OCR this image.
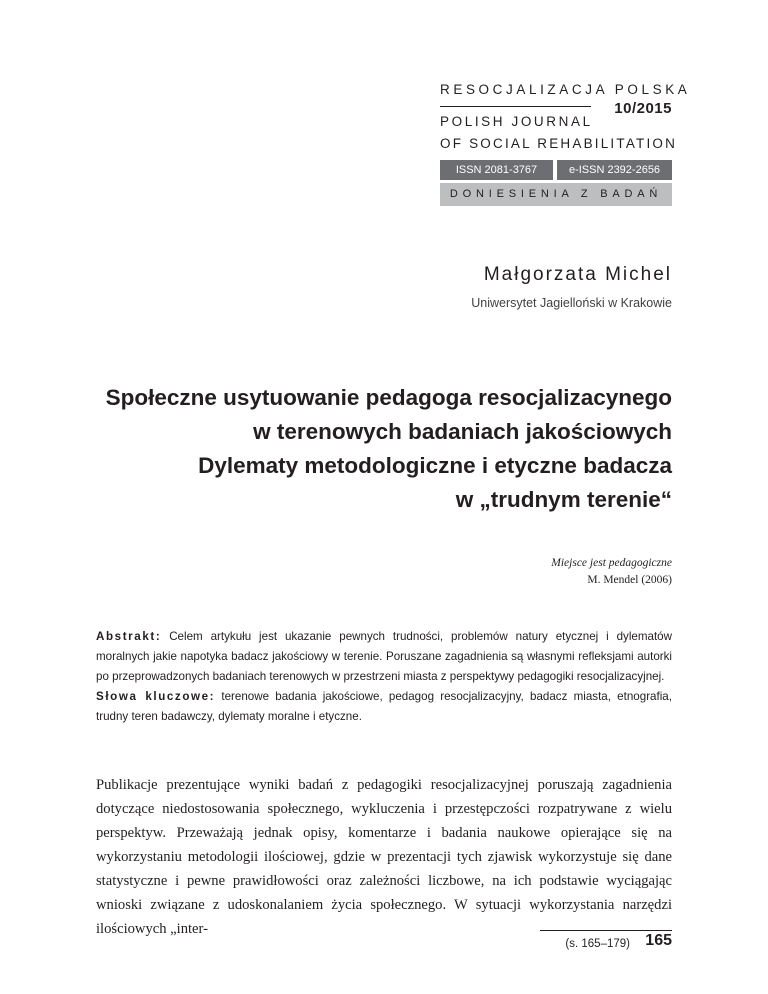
RESOCJALIZACJA POLSKA
10/2015
POLISH JOURNAL
OF SOCIAL REHABILITATION
ISSN 2081-3767	e-ISSN 2392-2656
DONIESIENIA Z BADAŃ
Małgorzata Michel
Uniwersytet Jagielloński w Krakowie
Społeczne usytuowanie pedagoga resocjalizacynego
w terenowych badaniach jakościowych
Dylematy metodologiczne i etyczne badacza
w „trudnym terenie“
Miejsce jest pedagogiczne
M. Mendel (2006)
Abstrakt: Celem artykułu jest ukazanie pewnych trudności, problemów natury etycznej i dylematów moralnych jakie napotyka badacz jakościowy w terenie. Poruszane zagadnienia są własnymi refleksjami autorki po przeprowadzonych badaniach terenowych w przestrzeni miasta z perspektywy pedagogiki resocjalizacyjnej.
Słowa kluczowe: terenowe badania jakościowe, pedagog resocjalizacyjny, badacz miasta, etnografia, trudny teren badawczy, dylematy moralne i etyczne.
Publikacje prezentujące wyniki badań z pedagogiki resocjalizacyjnej poruszają zagadnienia dotyczące niedostosowania społecznego, wykluczenia i przestępczości rozpatrywane z wielu perspektyw. Przeważają jednak opisy, komentarze i badania naukowe opierające się na wykorzystaniu metodologii ilościowej, gdzie w prezentacji tych zjawisk wykorzystuje się dane statystyczne i pewne prawidłowości oraz zależności liczbowe, na ich podstawie wyciągając wnioski związane z udoskonalaniem życia społecznego. W sytuacji wykorzystania narzędzi ilościowych „inter-
(s. 165–179) 165
